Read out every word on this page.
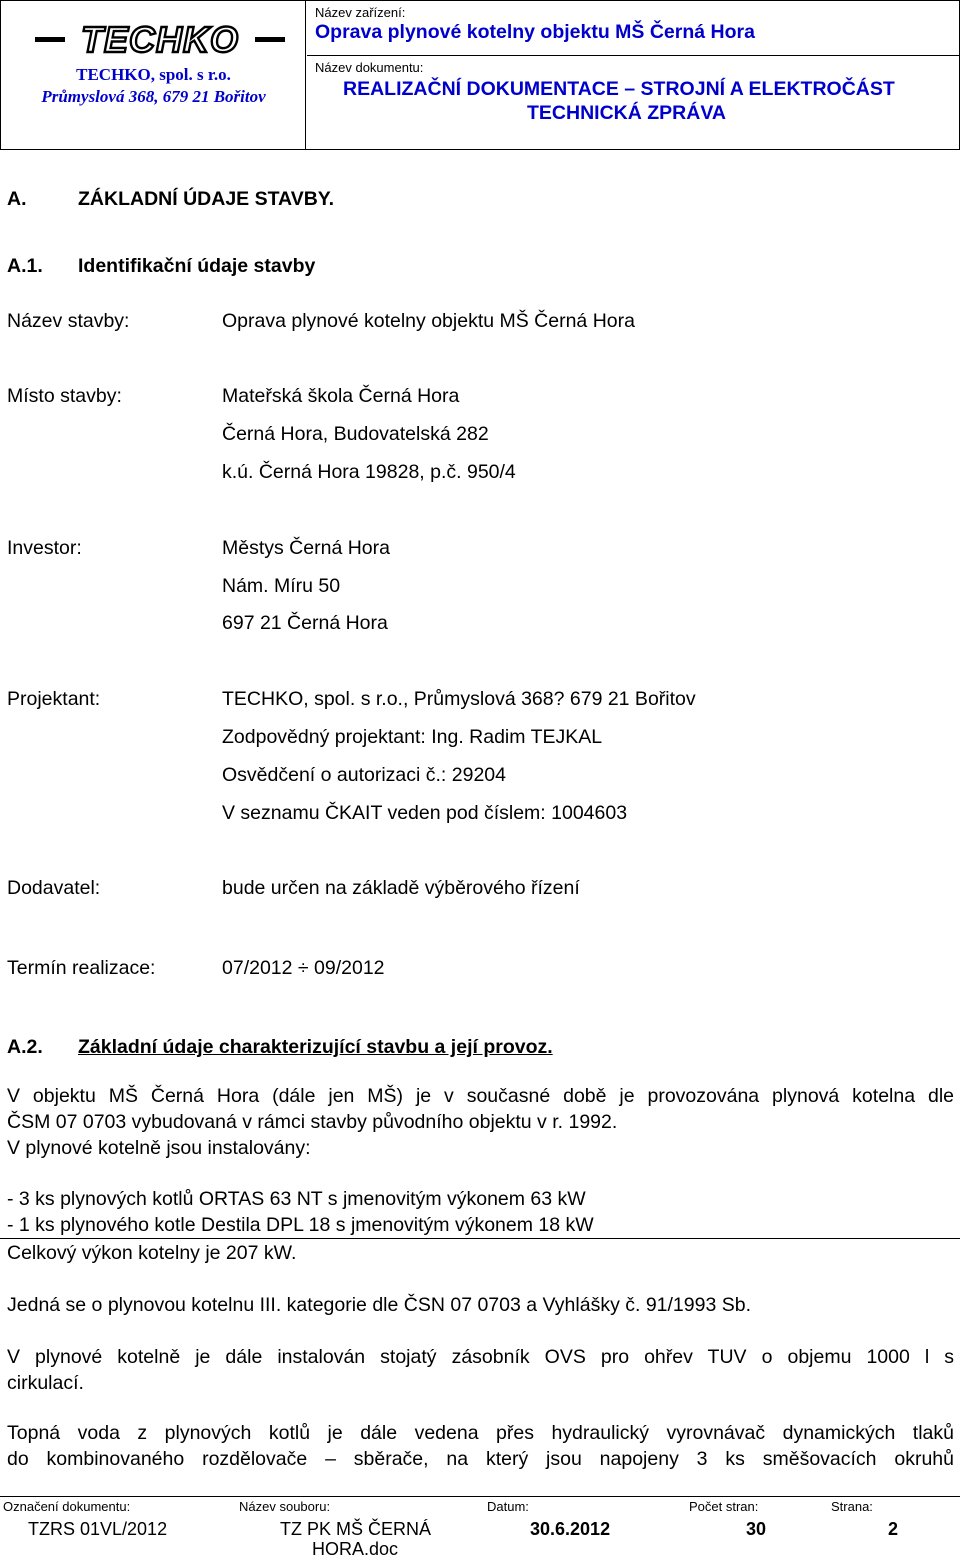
TECHKO
TECHKO, spol. s r.o.
Průmyslová 368, 679 21 Bořitov
Název zařízení:
Oprava plynové kotelny objektu MŠ Černá Hora
Název dokumentu:
REALIZAČNÍ DOKUMENTACE – STROJNÍ A ELEKTROČÁST
TECHNICKÁ ZPRÁVA
A.	ZÁKLADNÍ ÚDAJE STAVBY.
A.1. Identifikační údaje stavby
Název stavby:	Oprava plynové kotelny objektu MŠ Černá Hora
Místo stavby:	Mateřská škola Černá Hora
Černá Hora, Budovatelská 282
k.ú. Černá Hora 19828, p.č. 950/4
Investor:	Městys Černá Hora
Nám. Míru 50
697 21 Černá Hora
Projektant:	TECHKO, spol. s r.o., Průmyslová 368? 679 21 Bořitov
Zodpovědný projektant: Ing. Radim TEJKAL
Osvědčení o autorizaci č.: 29204
V seznamu ČKAIT veden pod číslem: 1004603
Dodavatel:	bude určen na základě výběrového řízení
Termín realizace:	07/2012 ÷ 09/2012
A.2. Základní údaje charakterizující stavbu a její provoz.
V objektu MŠ Černá Hora (dále jen MŠ) je v současné době je provozována plynová kotelna dle
ČSM 07 0703 vybudovaná v rámci stavby původního objektu v r. 1992.
V plynové kotelně jsou instalovány:
- 3 ks plynových kotlů ORTAS 63 NT s jmenovitým výkonem 63 kW
- 1 ks plynového kotle Destila DPL 18 s jmenovitým výkonem 18 kW
Celkový výkon kotelny je 207 kW.
Jedná se o plynovou kotelnu III. kategorie dle ČSN 07 0703 a Vyhlášky č. 91/1993 Sb.
V plynové kotelně je dále instalován stojatý zásobník OVS pro ohřev TUV o objemu 1000 l s
cirkulací.
Topná voda z plynových kotlů je dále vedena přes hydraulický vyrovnávač dynamických tlaků
do kombinovaného rozdělovače – sběrače, na který jsou napojeny 3 ks směšovacích okruhů
Označení dokumentu:
TZRS 01VL/2012
Název souboru:
TZ PK MŠ ČERNÁ
HORA.doc
Datum:
30.6.2012
Počet stran:
30
Strana:
2
